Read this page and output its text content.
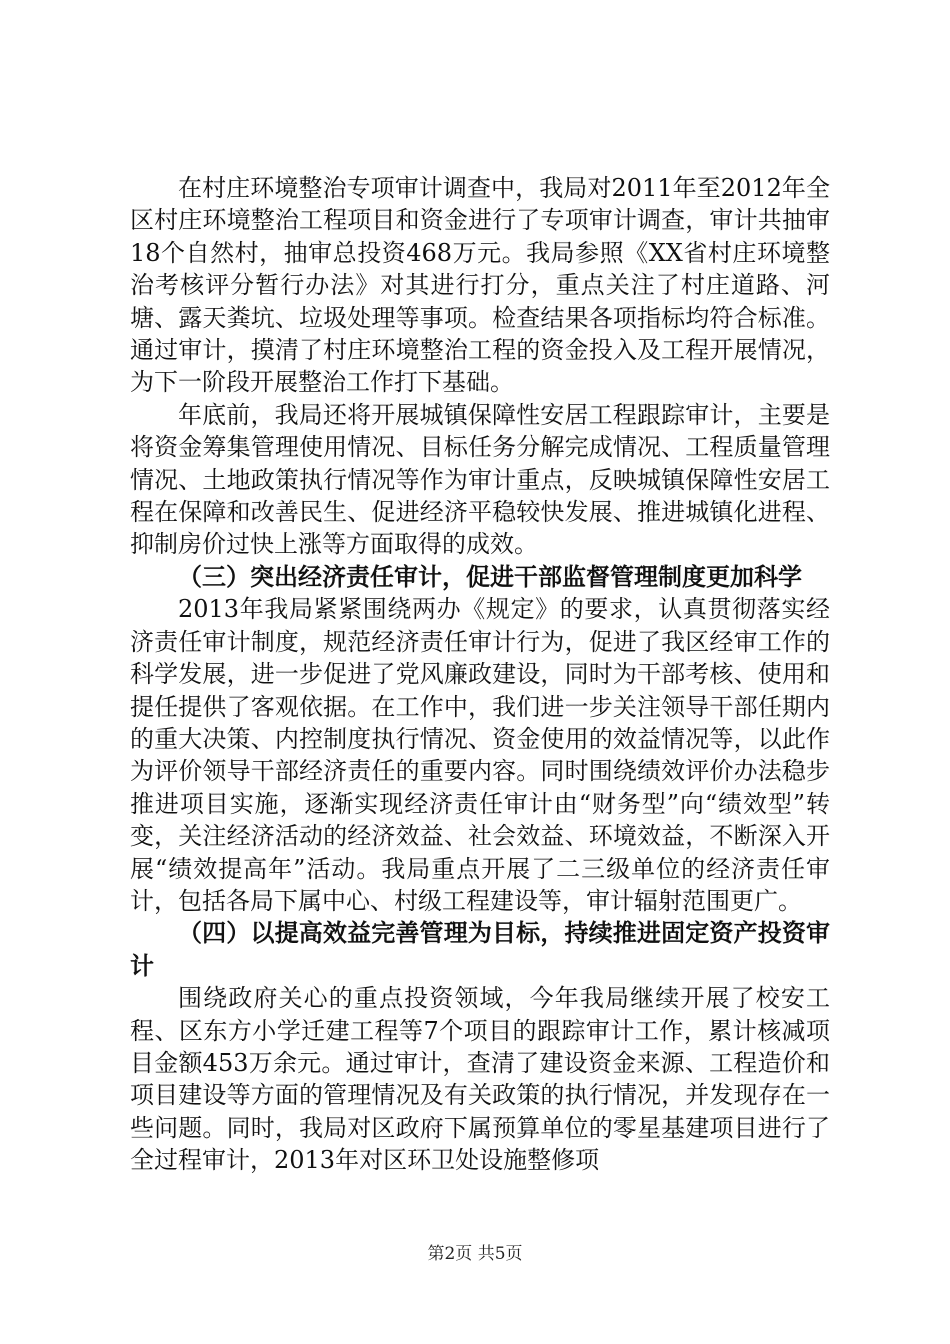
在村庄环境整治专项审计调查中，我局对2011年至2012年全区村庄环境整治工程项目和资金进行了专项审计调查，审计共抽审18个自然村，抽审总投资468万元。我局参照《XX省村庄环境整治考核评分暂行办法》对其进行打分，重点关注了村庄道路、河塘、露天粪坑、垃圾处理等事项。检查结果各项指标均符合标准。通过审计，摸清了村庄环境整治工程的资金投入及工程开展情况，为下一阶段开展整治工作打下基础。

年底前，我局还将开展城镇保障性安居工程跟踪审计，主要是将资金筹集管理使用情况、目标任务分解完成情况、工程质量管理情况、土地政策执行情况等作为审计重点，反映城镇保障性安居工程在保障和改善民生、促进经济平稳较快发展、推进城镇化进程、抑制房价过快上涨等方面取得的成效。

（三）突出经济责任审计，促进干部监督管理制度更加科学

2013年我局紧紧围绕两办《规定》的要求，认真贯彻落实经济责任审计制度，规范经济责任审计行为，促进了我区经审工作的科学发展，进一步促进了党风廉政建设，同时为干部考核、使用和提任提供了客观依据。在工作中，我们进一步关注领导干部任期内的重大决策、内控制度执行情况、资金使用的效益情况等，以此作为评价领导干部经济责任的重要内容。同时围绕绩效评价办法稳步推进项目实施，逐渐实现经济责任审计由“财务型”向“绩效型”转变，关注经济活动的经济效益、社会效益、环境效益，不断深入开展“绩效提高年”活动。我局重点开展了二三级单位的经济责任审计，包括各局下属中心、村级工程建设等，审计辐射范围更广。

（四）以提高效益完善管理为目标，持续推进固定资产投资审计

围绕政府关心的重点投资领域，今年我局继续开展了校安工程、区东方小学迁建工程等7个项目的跟踪审计工作，累计核减项目金额453万余元。通过审计，查清了建设资金来源、工程造价和项目建设等方面的管理情况及有关政策的执行情况，并发现存在一些问题。同时，我局对区政府下属预算单位的零星基建项目进行了全过程审计，2013年对区环卫处设施整修项

第2页 共5页
